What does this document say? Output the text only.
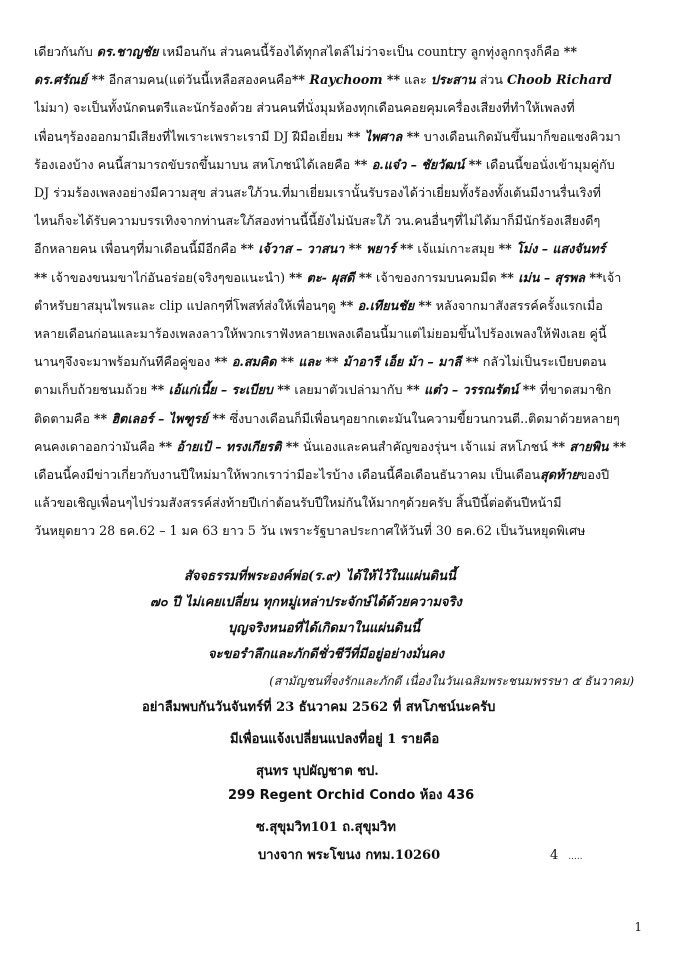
เดียวกันกับ ดร.ชาญชัย เหมือนกัน ส่วนคนนี้ร้องได้ทุกสไตล์ไม่ว่าจะเป็น country ลูกทุ่งลูกกรุงก็คือ **
ดร.ศรัณย์ ** อีกสามคน(แต่วันนี้เหลือสองคนคือ** Raychoom ** และ ประสาน ส่วน Choob Richard
ไม่มา) จะเป็นทั้งนักดนตรีและนักร้องด้วย ส่วนคนที่นั่งมุมห้องทุกเดือนคอยคุมเครื่องเสียงที่ทำให้เพลงที่
เพื่อนๆร้องออกมามีเสียงที่ไพเราะเพราะเรามี DJ ฝีมือเยี่ยม ** ไพศาล ** บางเดือนเกิดมันขึ้นมาก็ขอแซงคิวมา
ร้องเองบ้าง คนนี้สามารถขับรถขึ้นมาบน สหโภชน์ได้เลยคือ ** อ.แจ๋ว – ชัยวัฒน์ ** เดือนนี้ขอนั่งเข้ามุมคู่กับ
DJ ร่วมร้องเพลงอย่างมีความสุข ส่วนสะใภ้วน.ที่มาเยี่ยมเรานั้นรับรองได้ว่าเยี่ยมทั้งร้องทั้งเต้นมีงานรื่นเริงที่
ไหนก็จะได้รับความบรรเทิงจากท่านสะใภ้สองท่านนี้นี้ยังไม่นับสะใภ้ วน.คนอื่นๆที่ไม่ได้มาก็มีนักร้องเสียงดีๆ
อีกหลายคน เพื่อนๆที่มาเดือนนี้มีอีกคือ ** เจ้วาส – วาสนา ** พยาร์ ** เจ้แม่เกาะสมุย ** โม่ง – แสงจันทร์
** เจ้าของขนมขาไก่อันอร่อย(จริงๆขอแนะนำ) ** ตะ- ผุสดี ** เจ้าของการมบนคมมีด ** เม่น – สุรพล **เจ้า
ตำหรับยาสมุนไพรและ clip แปลกๆที่โพสท์ส่งให้เพื่อนๆดู ** อ.เทียนชัย ** หลังจากมาสังสรรค์ครั้งแรกเมื่อ
หลายเดือนก่อนและมาร้องเพลงลาวให้พวกเราฟังหลายเพลงเดือนนี้มาแต่ไม่ยอมขึ้นไปร้องเพลงให้ฟังเลย คู่นี้
นานๆจึงจะมาพร้อมกันทีคือคู่ของ ** อ.สมคิด ** และ ** ม้าอารี เอ็ย ม้า – มาลี ** กลัวไม่เป็นระเบียบตอน
ตามเก็บถ้วยชนมถ้วย ** เอ้แก่เนี้ย – ระเบียบ ** เลยมาตัวเปล่ามากับ ** แต๋ว – วรรณรัตน์ ** ที่ขาดสมาชิก
ติดตามคือ ** ฮิตเลอร์ – ไพฑูรย์ ** ซึ่งบางเดือนก็มีเพื่อนๆอยากเตะมันในความขี้ยวนกวนตี..ติดมาด้วยหลายๆ
คนคงเดาออกว่ามันคือ ** อ้ายเป้ – ทรงเกียรติ ** นั่นเองและคนสำคัญของรุ่นฯ เจ้าแม่ สหโภชน์ ** สายพิน **
เดือนนี้คงมีข่าวเกี่ยวกับงานปีใหม่มาให้พวกเราว่ามีอะไรบ้าง เดือนนี้คือเดือนธันวาคม เป็นเดือนสุดท้ายของปี
แล้วขอเชิญเพื่อนๆไปร่วมสังสรรค์ส่งท้ายปีเก่าต้อนรับปีใหม่กันให้มากๆด้วยครับ สิ้นปีนี้ต่อต้นปีหน้ามี
วันหยุดยาว 28 ธค.62 – 1 มค 63 ยาว 5 วัน เพราะรัฐบาลประกาศให้วันที่ 30 ธค.62 เป็นวันหยุดพิเศษ
สัจจธรรมที่พระองค์พ่อ(ร.๙) ได้ให้ไว้ในแผ่นดินนี้
๗๐ ปี ไม่เคยเปลี่ยน ทุกหมู่เหล่าประจักษ์ได้ด้วยความจริง
บุญจริงหนอที่ได้เกิดมาในแผ่นดินนี้
จะขอรำลึกและภักดีชั่วชีวีที่มีอยู่อย่างมั่นคง
(สามัญชนที่จงรักและภักดี เนื่องในวันเฉลิมพระชนมพรรษา ๕ ธันวาคม)
อย่าลืมพบกันวันจันทร์ที่ 23 ธันวาคม 2562 ที่ สหโภชน์นะครับ
มีเพื่อนแจ้งเปลี่ยนแปลงที่อยู่ 1 รายคือ
สุนทร บุปผัญชาต ชป.
299 Regent Orchid Condo ห้อง 436
ซ.สุขุมวิท101 ถ.สุขุมวิท
บางจาก พระโขนง กทม.10260	4 .....
1
